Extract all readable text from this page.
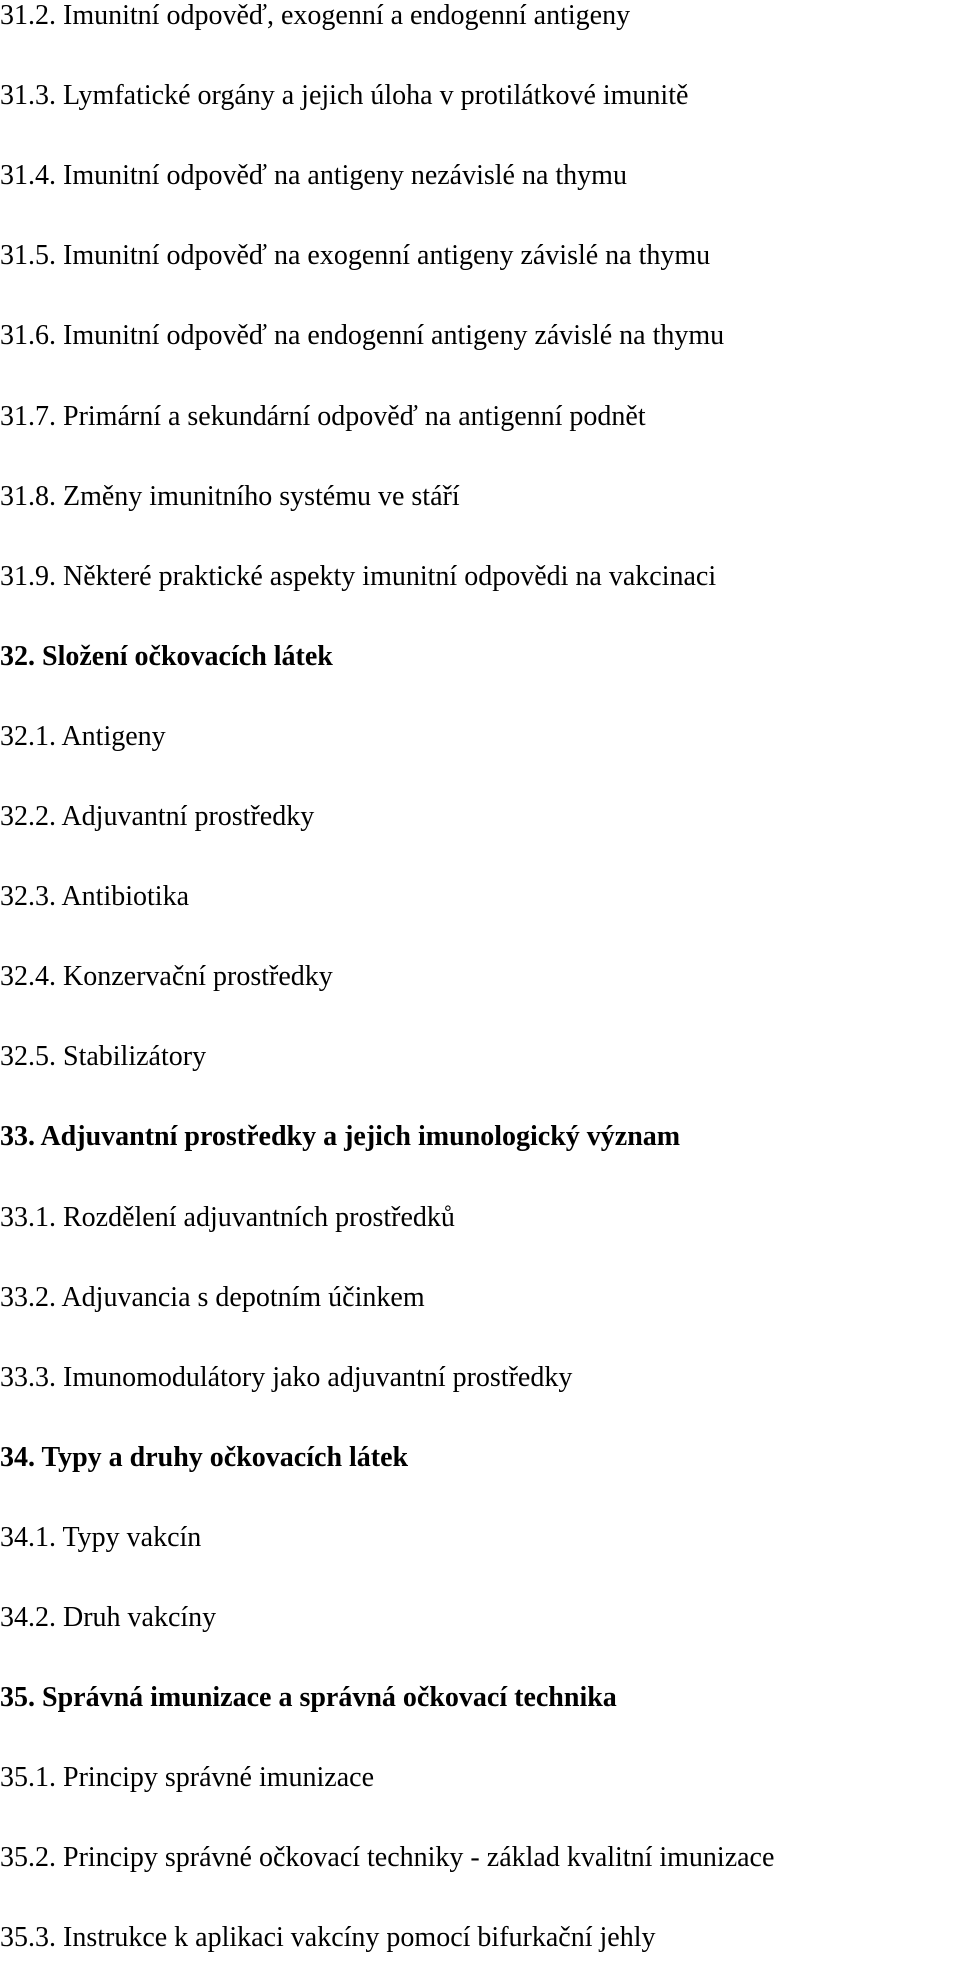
31.2. Imunitní odpověď, exogenní a endogenní antigeny
31.3. Lymfatické orgány a jejich úloha v protilátkové imunitě
31.4. Imunitní odpověď na antigeny nezávislé na thymu
31.5. Imunitní odpověď na exogenní antigeny závislé na thymu
31.6. Imunitní odpověď na endogenní antigeny závislé na thymu
31.7. Primární a sekundární odpověď na antigenní podnět
31.8. Změny imunitního systému ve stáří
31.9. Některé praktické aspekty imunitní odpovědi na vakcinaci
32. Složení očkovacích látek
32.1. Antigeny
32.2. Adjuvantní prostředky
32.3. Antibiotika
32.4. Konzervační prostředky
32.5. Stabilizátory
33. Adjuvantní prostředky a jejich imunologický význam
33.1. Rozdělení adjuvantních prostředků
33.2. Adjuvancia s depotním účinkem
33.3. Imunomodulátory jako adjuvantní prostředky
34. Typy a druhy očkovacích látek
34.1. Typy vakcín
34.2. Druh vakcíny
35. Správná imunizace a správná očkovací technika
35.1. Principy správné imunizace
35.2. Principy správné očkovací techniky - základ kvalitní imunizace
35.3. Instrukce k aplikaci vakcíny pomocí bifurkační jehly
